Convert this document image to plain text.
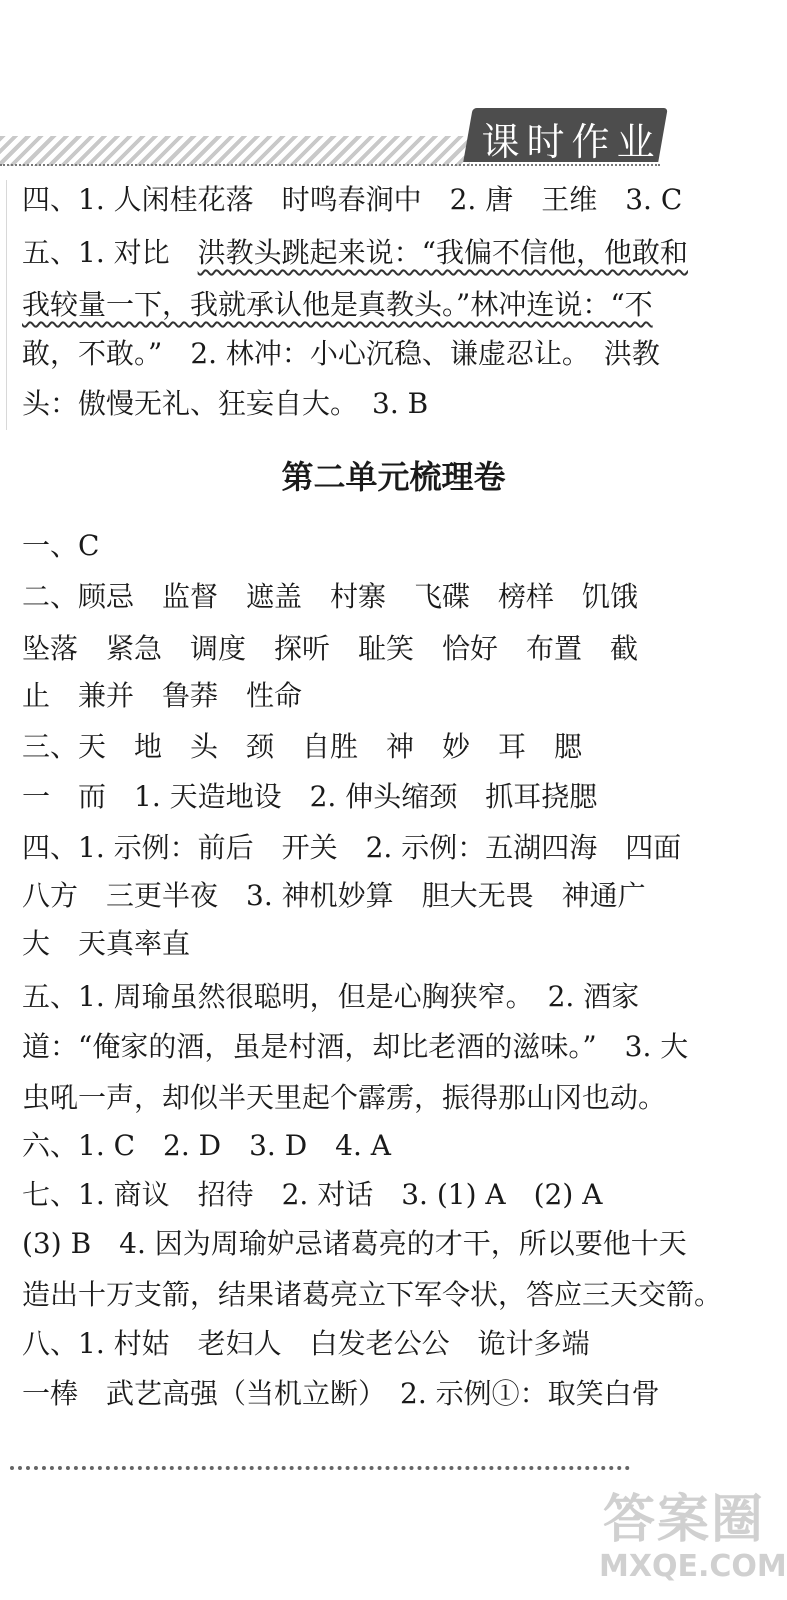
课 时 作 业
四、1. 人闲桂花落　时鸣春涧中　2. 唐　王维　3. C
五、1. 对比　洪教头跳起来说：“我偏不信他，他敢和
我较量一下，我就承认他是真教头。”林冲连说：“不
敢，不敢。”　2. 林冲：小心沉稳、谦虚忍让。　洪教
头：傲慢无礼、狂妄自大。　3. B
第二单元梳理卷
一、C
二、顾忌　监督　遮盖　村寨　飞碟　榜样　饥饿
坠落　紧急　调度　探听　耻笑　恰好　布置　截
止　兼并　鲁莽　性命
三、天　地　头　颈　自胜　神　妙　耳　腮
一　而　1. 天造地设　2. 伸头缩颈　抓耳挠腮
四、1. 示例：前后　开关　2. 示例：五湖四海　四面
八方　三更半夜　3. 神机妙算　胆大无畏　神通广
大　天真率直
五、1. 周瑜虽然很聪明，但是心胸狭窄。　2. 酒家
道：“俺家的酒，虽是村酒，却比老酒的滋味。”　3. 大
虫吼一声，却似半天里起个霹雳，振得那山冈也动。
六、1. C　2. D　3. D　4. A
七、1. 商议　招待　2. 对话　3. (1) A　(2) A
(3) B　4. 因为周瑜妒忌诸葛亮的才干，所以要他十天
造出十万支箭，结果诸葛亮立下军令状，答应三天交箭。
八、1. 村姑　老妇人　白发老公公　诡计多端
一棒　武艺高强（当机立断）　2. 示例①：取笑白骨
答案圈
MXQE.COM
